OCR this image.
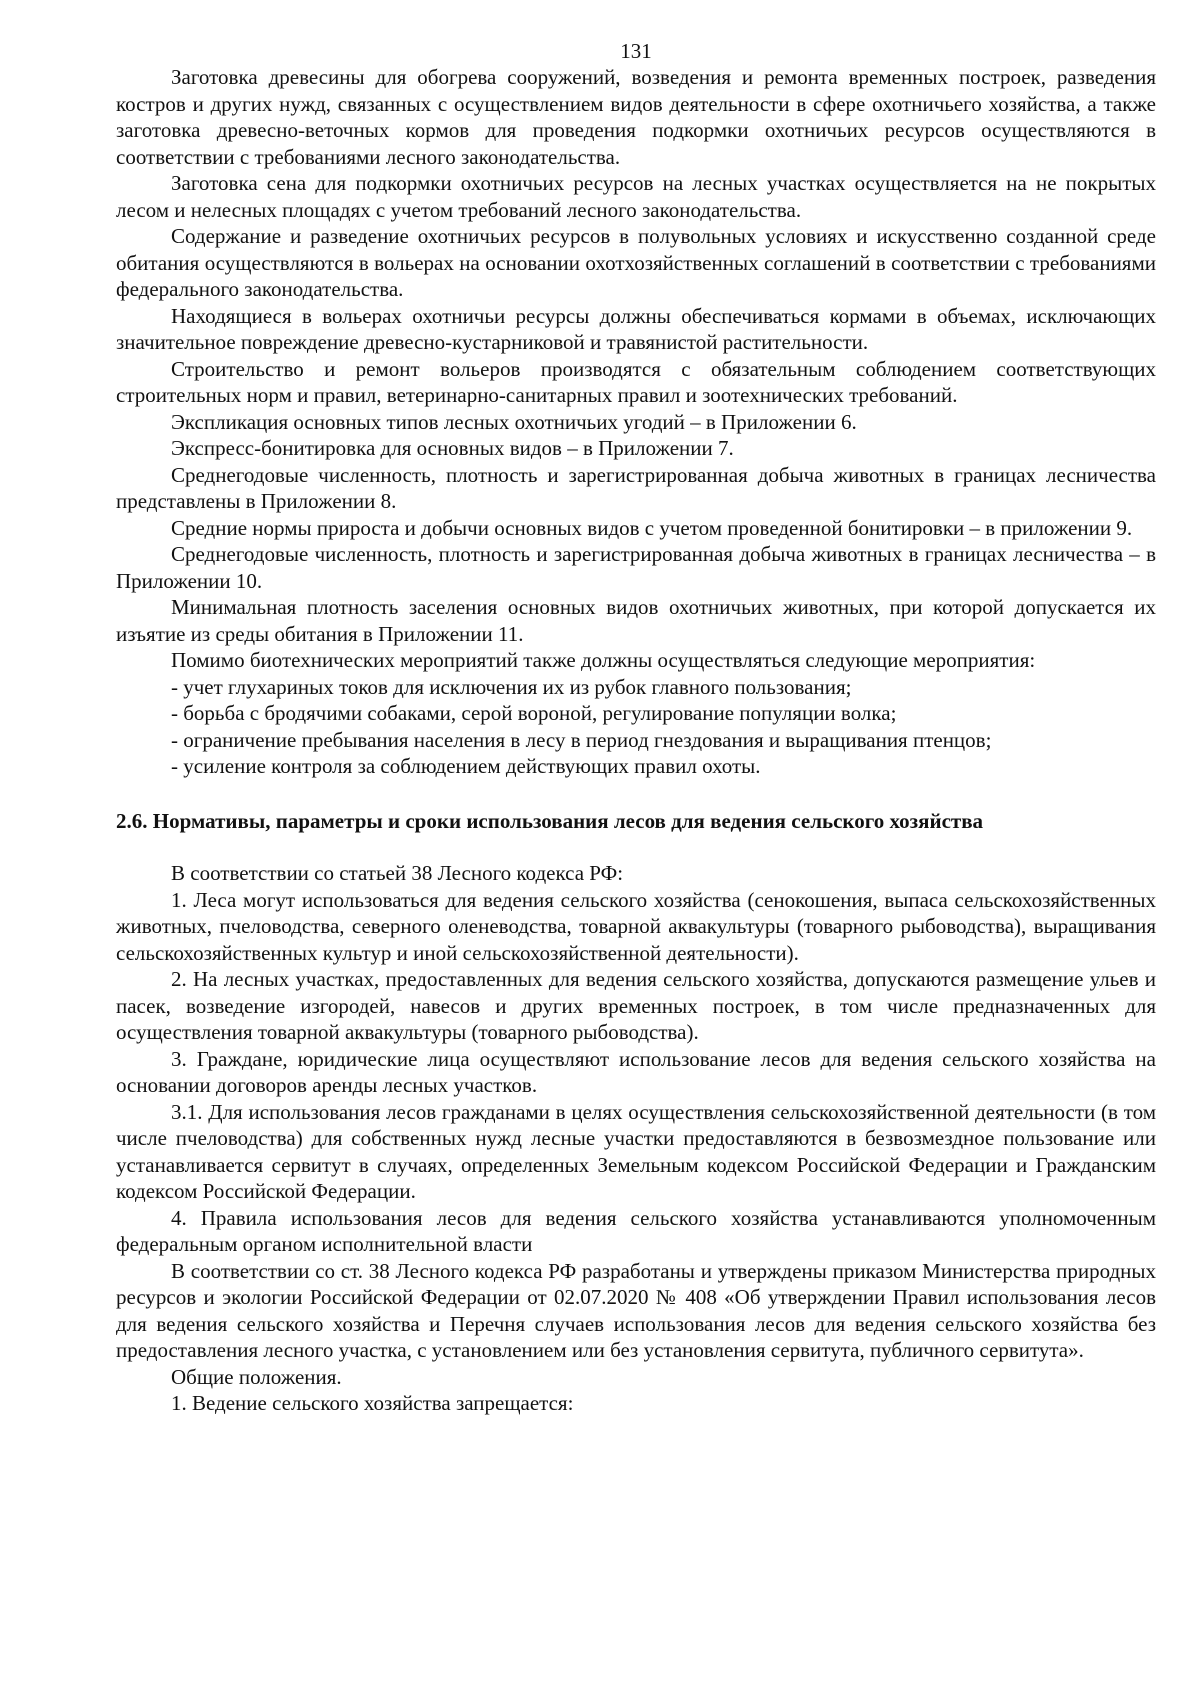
131

Заготовка древесины для обогрева сооружений, возведения и ремонта временных построек, разведения костров и других нужд, связанных с осуществлением видов деятельности в сфере охотничьего хозяйства, а также заготовка древесно-веточных кормов для проведения подкормки охотничьих ресурсов осуществляются в соответствии с требованиями лесного законодательства.

Заготовка сена для подкормки охотничьих ресурсов на лесных участках осуществляется на не покрытых лесом и нелесных площадях с учетом требований лесного законодательства.

Содержание и разведение охотничьих ресурсов в полувольных условиях и искусственно созданной среде обитания осуществляются в вольерах на основании охотхозяйственных соглашений в соответствии с требованиями федерального законодательства.

Находящиеся в вольерах охотничьи ресурсы должны обеспечиваться кормами в объемах, исключающих значительное повреждение древесно-кустарниковой и травянистой растительности.

Строительство и ремонт вольеров производятся с обязательным соблюдением соответствующих строительных норм и правил, ветеринарно-санитарных правил и зоотехнических требований.

Экспликация основных типов лесных охотничьих угодий – в Приложении 6.

Экспресс-бонитировка для основных видов – в Приложении 7.

Среднегодовые численность, плотность и зарегистрированная добыча животных в границах лесничества представлены в Приложении 8.

Средние нормы прироста и добычи основных видов с учетом проведенной бонитировки – в приложении 9.

Среднегодовые численность, плотность и зарегистрированная добыча животных в границах лесничества – в Приложении 10.

Минимальная плотность заселения основных видов охотничьих животных, при которой допускается их изъятие из среды обитания в Приложении 11.

Помимо биотехнических мероприятий также должны осуществляться следующие мероприятия:

- учет глухариных токов для исключения их из рубок главного пользования;

- борьба с бродячими собаками, серой вороной, регулирование популяции волка;

- ограничение пребывания населения в лесу в период гнездования и выращивания птенцов;

- усиление контроля за соблюдением действующих правил охоты.

2.6. Нормативы, параметры и сроки использования лесов для ведения сельского хозяйства

В соответствии со статьей 38 Лесного кодекса РФ:

1. Леса могут использоваться для ведения сельского хозяйства (сенокошения, выпаса сельскохозяйственных животных, пчеловодства, северного оленеводства, товарной аквакультуры (товарного рыбоводства), выращивания сельскохозяйственных культур и иной сельскохозяйственной деятельности).

2. На лесных участках, предоставленных для ведения сельского хозяйства, допускаются размещение ульев и пасек, возведение изгородей, навесов и других временных построек, в том числе предназначенных для осуществления товарной аквакультуры (товарного рыбоводства).

3. Граждане, юридические лица осуществляют использование лесов для ведения сельского хозяйства на основании договоров аренды лесных участков.

3.1. Для использования лесов гражданами в целях осуществления сельскохозяйственной деятельности (в том числе пчеловодства) для собственных нужд лесные участки предоставляются в безвозмездное пользование или устанавливается сервитут в случаях, определенных Земельным кодексом Российской Федерации и Гражданским кодексом Российской Федерации.

4. Правила использования лесов для ведения сельского хозяйства устанавливаются уполномоченным федеральным органом исполнительной власти

В соответствии со ст. 38 Лесного кодекса РФ разработаны и утверждены приказом Министерства природных ресурсов и экологии Российской Федерации от 02.07.2020 № 408 «Об утверждении Правил использования лесов для ведения сельского хозяйства и Перечня случаев использования лесов для ведения сельского хозяйства без предоставления лесного участка, с установлением или без установления сервитута, публичного сервитута».

Общие положения.

1. Ведение сельского хозяйства запрещается:
